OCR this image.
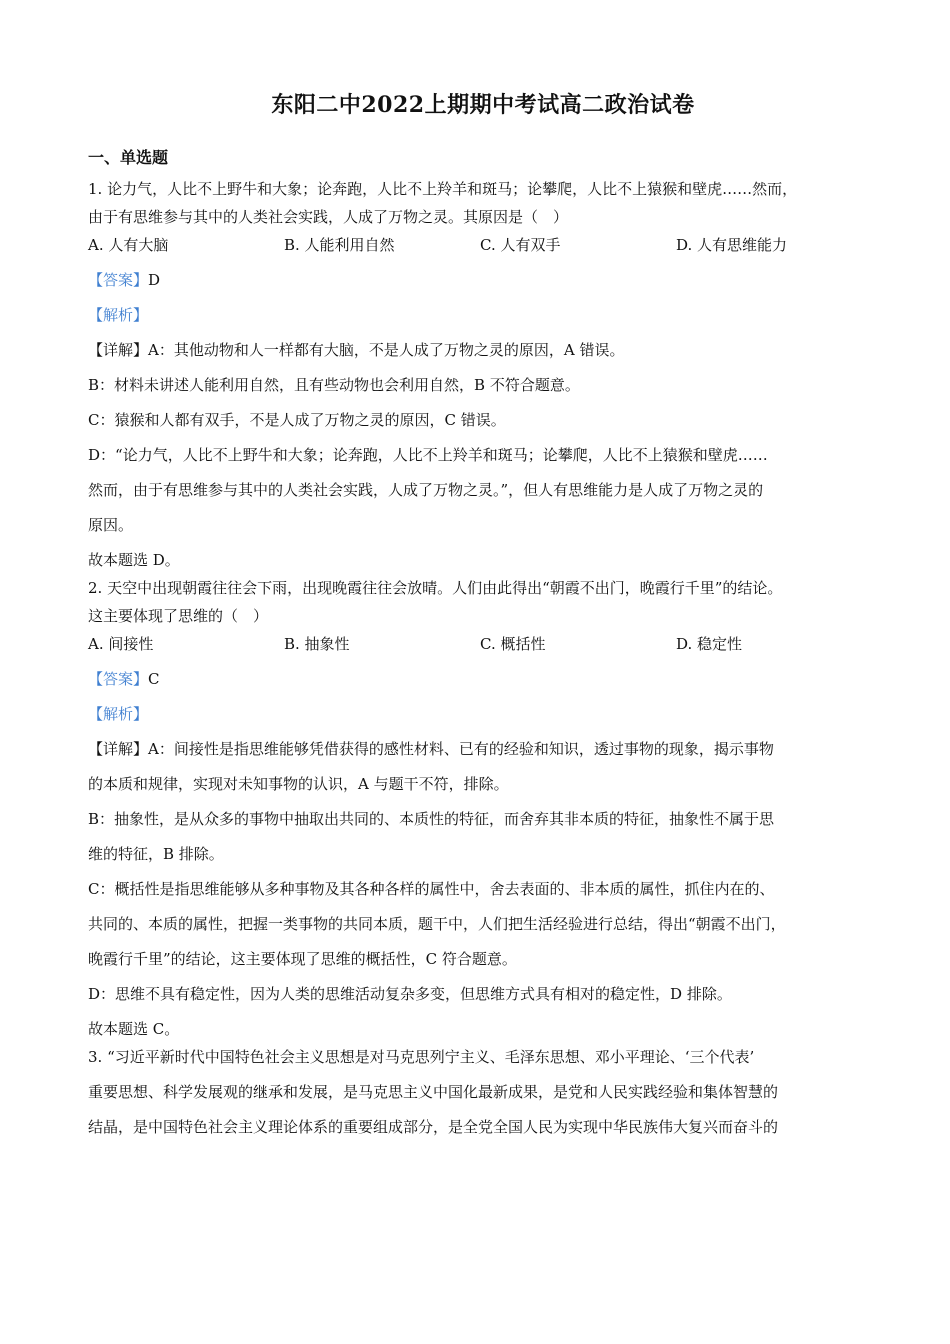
东阳二中2022上期期中考试高二政治试卷
一、单选题
1. 论力气，人比不上野牛和大象；论奔跑，人比不上羚羊和斑马；论攀爬，人比不上猿猴和壁虎……然而，
由于有思维参与其中的人类社会实践，人成了万物之灵。其原因是（　）
A. 人有大脑	B. 人能利用自然	C. 人有双手	D. 人有思维能力
【答案】D
【解析】
【详解】A：其他动物和人一样都有大脑，不是人成了万物之灵的原因，A 错误。
B：材料未讲述人能利用自然，且有些动物也会利用自然，B 不符合题意。
C：猿猴和人都有双手，不是人成了万物之灵的原因，C 错误。
D：“论力气，人比不上野牛和大象；论奔跑，人比不上羚羊和斑马；论攀爬，人比不上猿猴和壁虎……
然而，由于有思维参与其中的人类社会实践，人成了万物之灵。”，但人有思维能力是人成了万物之灵的
原因。
故本题选 D。
2. 天空中出现朝霞往往会下雨，出现晚霞往往会放晴。人们由此得出“朝霞不出门，晚霞行千里”的结论。
这主要体现了思维的（　）
A. 间接性	B. 抽象性	C. 概括性	D. 稳定性
【答案】C
【解析】
【详解】A：间接性是指思维能够凭借获得的感性材料、已有的经验和知识，透过事物的现象，揭示事物
的本质和规律，实现对未知事物的认识，A 与题干不符，排除。
B：抽象性，是从众多的事物中抽取出共同的、本质性的特征，而舍弃其非本质的特征，抽象性不属于思
维的特征，B 排除。
C：概括性是指思维能够从多种事物及其各种各样的属性中，舍去表面的、非本质的属性，抓住内在的、
共同的、本质的属性，把握一类事物的共同本质，题干中，人们把生活经验进行总结，得出“朝霞不出门，
晚霞行千里”的结论，这主要体现了思维的概括性，C 符合题意。
D：思维不具有稳定性，因为人类的思维活动复杂多变，但思维方式具有相对的稳定性，D 排除。
故本题选 C。
3. “习近平新时代中国特色社会主义思想是对马克思列宁主义、毛泽东思想、邓小平理论、‘三个代表’
重要思想、科学发展观的继承和发展，是马克思主义中国化最新成果，是党和人民实践经验和集体智慧的
结晶，是中国特色社会主义理论体系的重要组成部分，是全党全国人民为实现中华民族伟大复兴而奋斗的
